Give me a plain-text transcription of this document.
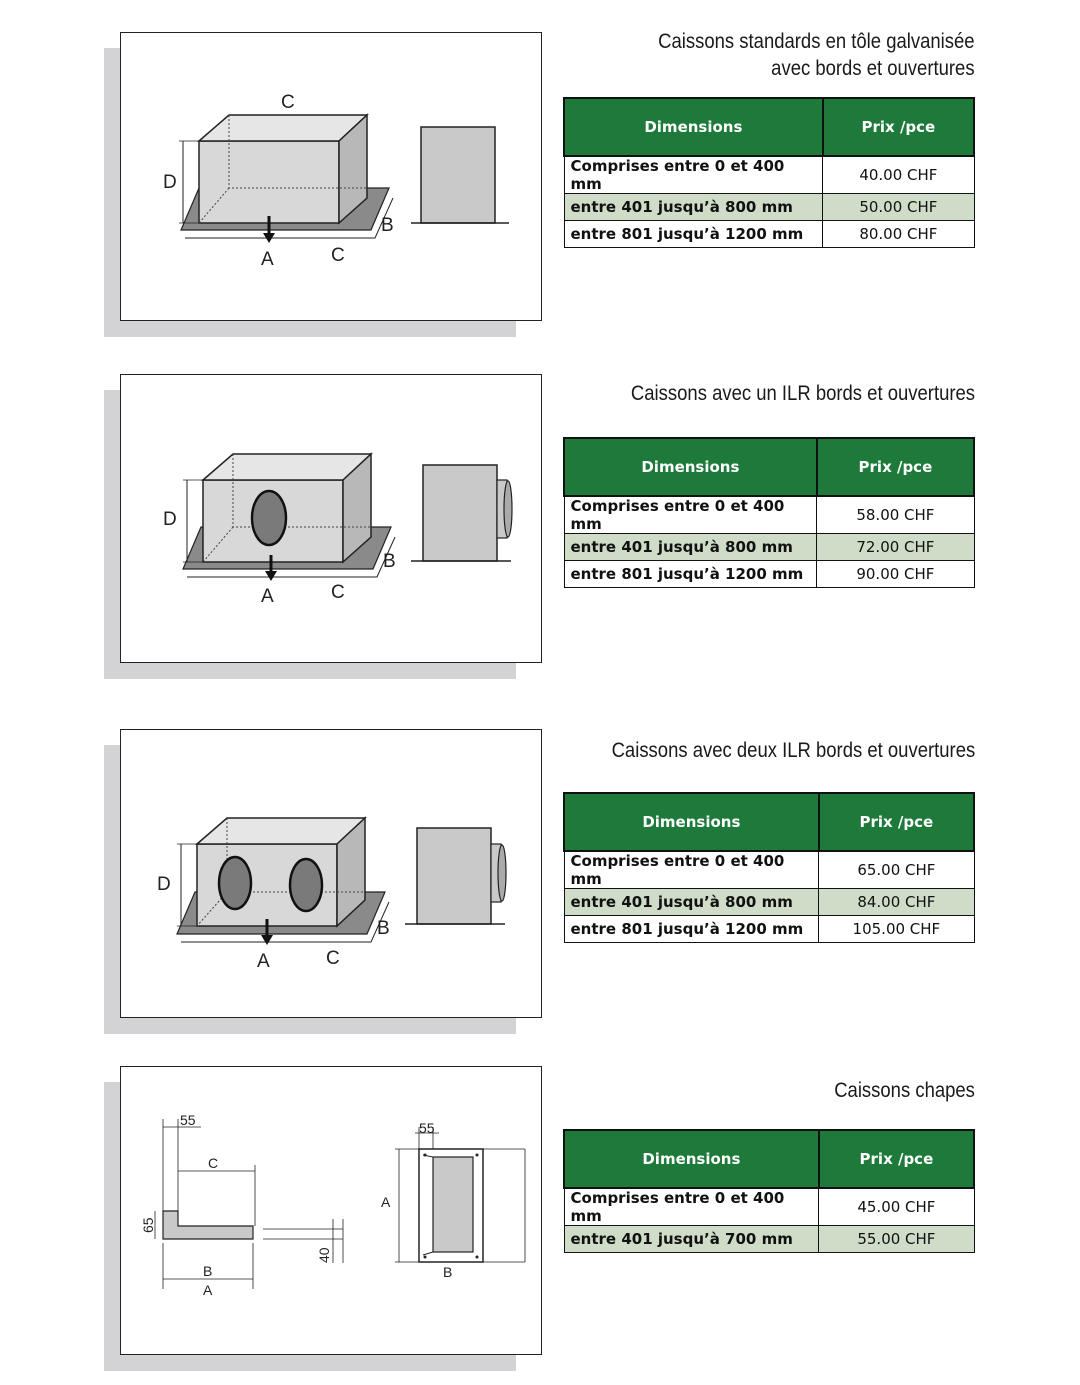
C
D
B
A	C
Caissons standards en tôle galvanisée
avec bords et ouvertures
Dimensions	Prix /pce
Comprises entre 0 et 400 mm	40.00 CHF
entre 401 jusqu’à 800 mm	50.00 CHF
entre 801 jusqu’à 1200 mm	80.00 CHF
D
B
A	C
Caissons avec un ILR bords et ouvertures
Dimensions	Prix /pce
Comprises entre 0 et 400 mm	58.00 CHF
entre 401 jusqu’à 800 mm	72.00 CHF
entre 801 jusqu’à 1200 mm	90.00 CHF
D
B
A	C
Caissons avec deux ILR bords et ouvertures
Dimensions	Prix /pce
Comprises entre 0 et 400 mm	65.00 CHF
entre 401 jusqu’à 800 mm	84.00 CHF
entre 801 jusqu’à 1200 mm	105.00 CHF
55
C
65
B
A
40
A
55
B
Caissons chapes
Dimensions	Prix /pce
Comprises entre 0 et 400 mm	45.00 CHF
entre 401 jusqu’à 700 mm	55.00 CHF
